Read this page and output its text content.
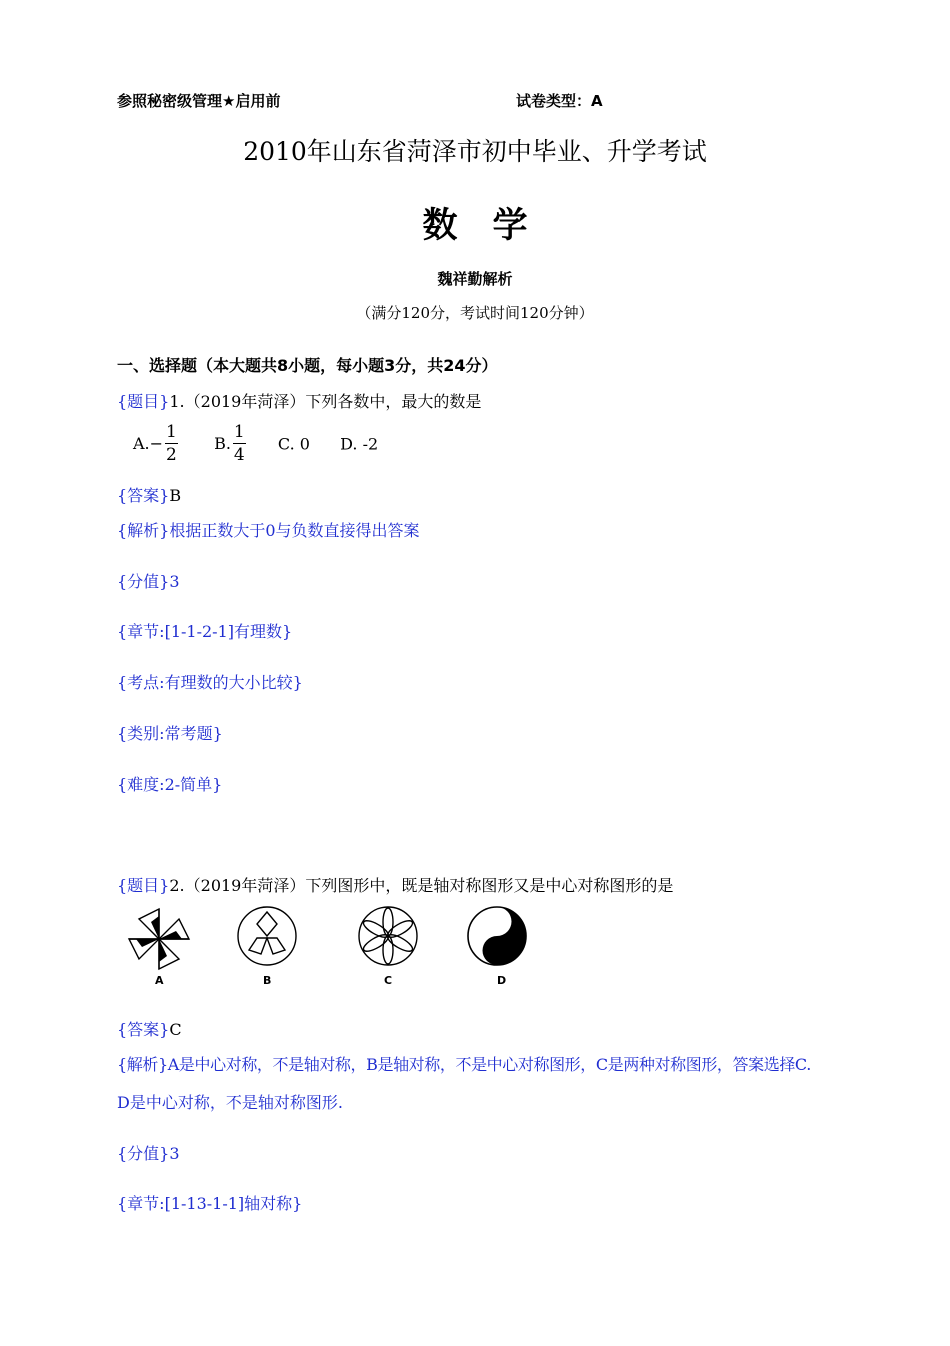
参照秘密级管理★启用前	试卷类型：A
2010年山东省菏泽市初中毕业、升学考试
数　学
魏祥勤解析
（满分120分，考试时间120分钟）
一、选择题（本大题共8小题，每小题3分，共24分）
{题目}1.（2019年菏泽）下列各数中，最大的数是
$A.- \frac{1}{2} B$. $\frac{1}{4} C$. 0 D. -2
{答案}B
{解析}根据正数大于0与负数直接得出答案
{分值}3
{章节:[1-1-2-1]有理数}
{考点:有理数的大小比较}
{类别:常考题}
{难度:2-简单}
{题目}2.（2019年菏泽）下列图形中，既是轴对称图形又是中心对称图形的是
A	B	C	D
{答案}C
{解析}A是中心对称，不是轴对称，B是轴对称，不是中心对称图形，C是两种对称图形，答案选择C.
D是中心对称，不是轴对称图形.
{分值}3
{章节:[1-13-1-1]轴对称}
